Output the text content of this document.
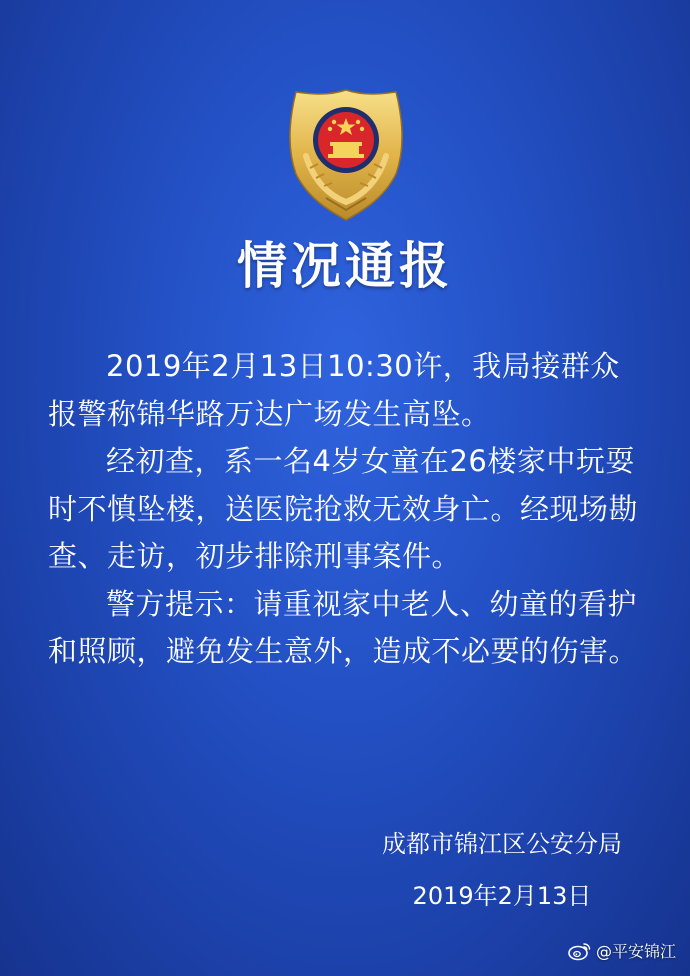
情况通报

2019年2月13日10:30许，我局接群众报警称锦华路万达广场发生高坠。

经初查，系一名4岁女童在26楼家中玩耍时不慎坠楼，送医院抢救无效身亡。经现场勘查、走访，初步排除刑事案件。

警方提示：请重视家中老人、幼童的看护和照顾，避免发生意外，造成不必要的伤害。

成都市锦江区公安分局
2019年2月13日
@平安锦江
